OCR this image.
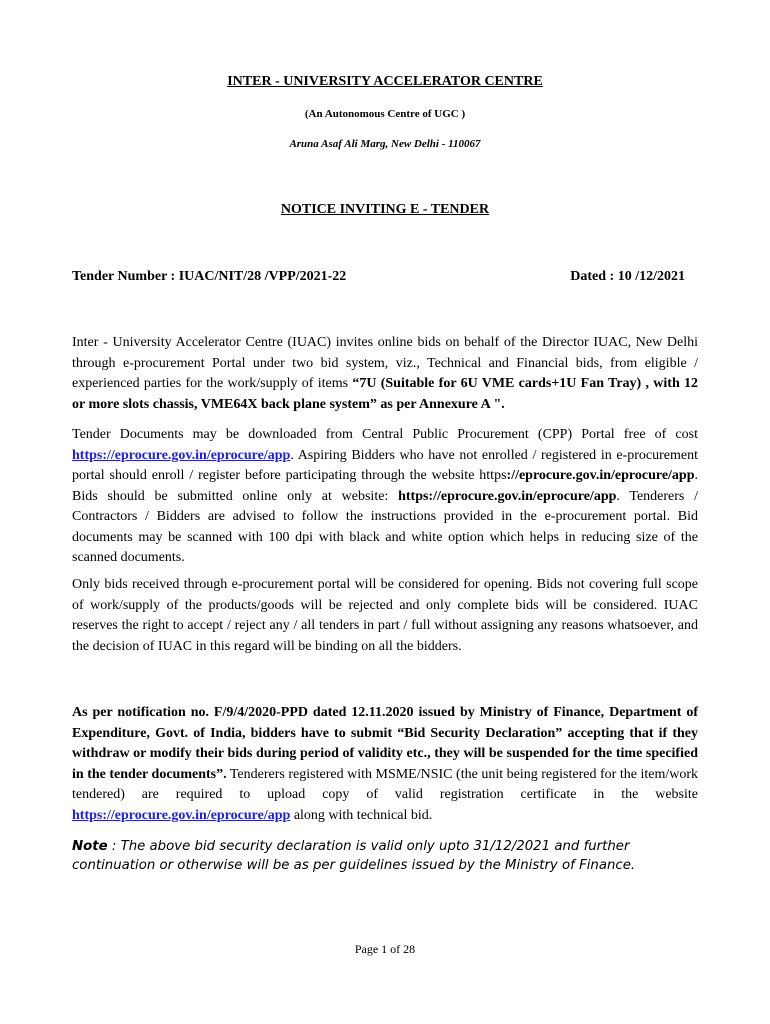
INTER - UNIVERSITY ACCELERATOR CENTRE
(An Autonomous Centre of UGC )
Aruna Asaf Ali Marg, New Delhi - 110067
NOTICE INVITING E - TENDER
Tender Number : IUAC/NIT/28 /VPP/2021-22	Dated : 10 /12/2021
Inter - University Accelerator Centre (IUAC) invites online bids on behalf of the Director IUAC, New Delhi through e-procurement Portal under two bid system, viz., Technical and Financial bids, from eligible / experienced parties for the work/supply of items “7U (Suitable for 6U VME cards+1U Fan Tray) , with 12 or more slots chassis, VME64X back plane system” as per Annexure A ".
Tender Documents may be downloaded from Central Public Procurement (CPP) Portal free of cost https://eprocure.gov.in/eprocure/app. Aspiring Bidders who have not enrolled / registered in e-procurement portal should enroll / register before participating through the website https://eprocure.gov.in/eprocure/app. Bids should be submitted online only at website: https://eprocure.gov.in/eprocure/app. Tenderers / Contractors / Bidders are advised to follow the instructions provided in the e-procurement portal. Bid documents may be scanned with 100 dpi with black and white option which helps in reducing size of the scanned documents.
Only bids received through e-procurement portal will be considered for opening. Bids not covering full scope of work/supply of the products/goods will be rejected and only complete bids will be considered. IUAC reserves the right to accept / reject any / all tenders in part / full without assigning any reasons whatsoever, and the decision of IUAC in this regard will be binding on all the bidders.
As per notification no. F/9/4/2020-PPD dated 12.11.2020 issued by Ministry of Finance, Department of Expenditure, Govt. of India, bidders have to submit “Bid Security Declaration” accepting that if they withdraw or modify their bids during period of validity etc., they will be suspended for the time specified in the tender documents”. Tenderers registered with MSME/NSIC (the unit being registered for the item/work tendered) are required to upload copy of valid registration certificate in the website https://eprocure.gov.in/eprocure/app along with technical bid.
Note : The above bid security declaration is valid only upto 31/12/2021 and further continuation or otherwise will be as per guidelines issued by the Ministry of Finance.
Page 1 of 28
